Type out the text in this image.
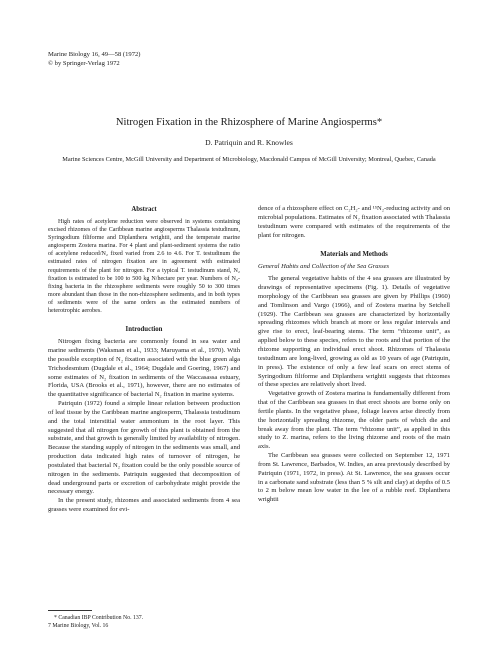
Marine Biology 16, 49—58 (1972)
© by Springer-Verlag 1972
Nitrogen Fixation in the Rhizosphere of Marine Angiosperms*
D. Patriquin and R. Knowles
Marine Sciences Centre, McGill University and Department of Microbiology, Macdonald Campus of McGill University; Montreal, Quebec, Canada
Abstract

High rates of acetylene reduction were observed in systems containing excised rhizomes of the Caribbean marine angiosperms Thalassia testudinum, Syringodium filiforme and Diplanthera wrightii, and the temperate marine angiosperm Zostera marina. For 4 plant and plant-sediment systems the ratio of acetylene reduced/N₂ fixed varied from 2.6 to 4.6. For T. testudinum the estimated rates of nitrogen fixation are in agreement with estimated requirements of the plant for nitrogen. For a typical T. testudinum stand, N₂ fixation is estimated to be 100 to 500 kg N/hectare per year. Numbers of N₂-fixing bacteria in the rhizosphere sediments were roughly 50 to 300 times more abundant than those in the non-rhizosphere sediments, and in both types of sediments were of the same orders as the estimated numbers of heterotrophic aerobes.

Introduction

Nitrogen fixing bacteria are commonly found in sea water and marine sediments (Waksman et al., 1933; Maruyama et al., 1970). With the possible exception of N₂ fixation associated with the blue green alga Trichodesmium (Dugdale et al., 1964; Dugdale and Goering, 1967) and some estimates of N₂ fixation in sediments of the Waccasassa estuary, Florida, USA (Brooks et al., 1971), however, there are no estimates of the quantitative significance of bacterial N₂ fixation in marine systems.

Patriquin (1972) found a simple linear relation between production of leaf tissue by the Caribbean marine angiosperm, Thalassia testudinum and the total interstitial water ammonium in the root layer. This suggested that all nitrogen for growth of this plant is obtained from the substrate, and that growth is generally limited by availability of nitrogen. Because the standing supply of nitrogen in the sediments was small, and production data indicated high rates of turnover of nitrogen, he postulated that bacterial N₂ fixation could be the only possible source of nitrogen in the sediments. Patriquin suggested that decomposition of dead underground parts or excretion of carbohydrate might provide the necessary energy.

In the present study, rhizomes and associated sediments from 4 sea grasses were examined for evi-

dence of a rhizosphere effect on C₂H₂- and ¹⁵N₂-reducing activity and on microbial populations. Estimates of N₂ fixation associated with Thalassia testudinum were compared with estimates of the requirements of the plant for nitrogen.

Materials and Methods
General Habits and Collection of the Sea Grasses

The general vegetative habits of the 4 sea grasses are illustrated by drawings of representative specimens (Fig. 1). Details of vegetative morphology of the Caribbean sea grasses are given by Phillips (1960) and Tomlinson and Vargo (1966), and of Zostera marina by Setchell (1929). The Caribbean sea grasses are characterized by horizontally spreading rhizomes which branch at more or less regular intervals and give rise to erect, leaf-bearing stems. The term “rhizome unit”, as applied below to these species, refers to the roots and that portion of the rhizome supporting an individual erect shoot. Rhizomes of Thalassia testudinum are long-lived, growing as old as 10 years of age (Patriquin, in press). The existence of only a few leaf scars on erect stems of Syringodium filiforme and Diplanthera wrightii suggests that rhizomes of these species are relatively short lived.

Vegetative growth of Zostera marina is fundamentally different from that of the Caribbean sea grasses in that erect shoots are borne only on fertile plants. In the vegetative phase, foliage leaves arise directly from the horizontally spreading rhizome, the older parts of which die and break away from the plant. The term “rhizome unit”, as applied in this study to Z. marina, refers to the living rhizome and roots of the main axis.

The Caribbean sea grasses were collected on September 12, 1971 from St. Lawrence, Barbados, W. Indies, an area previously described by Patriquin (1971, 1972, in press). At St. Lawrence, the sea grasses occur in a carbonate sand substrate (less than 5 % silt and clay) at depths of 0.5 to 2 m below mean low water in the lee of a rubble reef. Diplanthera wrightii

* Canadian IBP Contribution No. 137.
7 Marine Biology, Vol. 16
